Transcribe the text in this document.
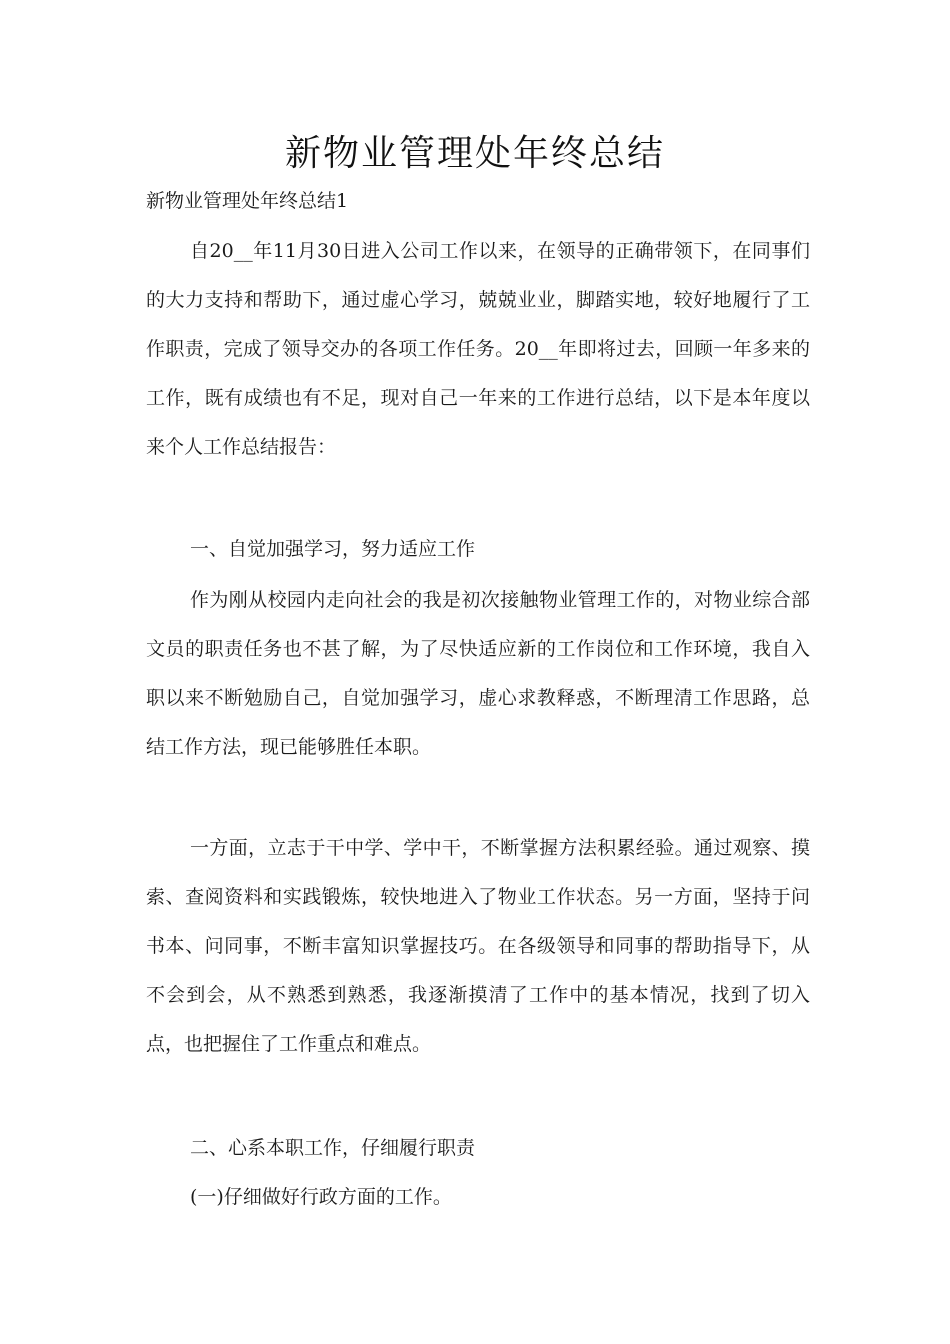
新物业管理处年终总结
新物业管理处年终总结1

自20__年11月30日进入公司工作以来，在领导的正确带领下，在同事们的大力支持和帮助下，通过虚心学习，兢兢业业，脚踏实地，较好地履行了工作职责，完成了领导交办的各项工作任务。20__年即将过去，回顾一年多来的工作，既有成绩也有不足，现对自己一年来的工作进行总结，以下是本年度以来个人工作总结报告：

一、自觉加强学习，努力适应工作

作为刚从校园内走向社会的我是初次接触物业管理工作的，对物业综合部文员的职责任务也不甚了解，为了尽快适应新的工作岗位和工作环境，我自入职以来不断勉励自己，自觉加强学习，虚心求教释惑，不断理清工作思路，总结工作方法，现已能够胜任本职。

一方面，立志于干中学、学中干，不断掌握方法积累经验。通过观察、摸索、查阅资料和实践锻炼，较快地进入了物业工作状态。另一方面，坚持于问书本、问同事，不断丰富知识掌握技巧。在各级领导和同事的帮助指导下，从不会到会，从不熟悉到熟悉，我逐渐摸清了工作中的基本情况，找到了切入点，也把握住了工作重点和难点。

二、心系本职工作，仔细履行职责
(一)仔细做好行政方面的工作。
